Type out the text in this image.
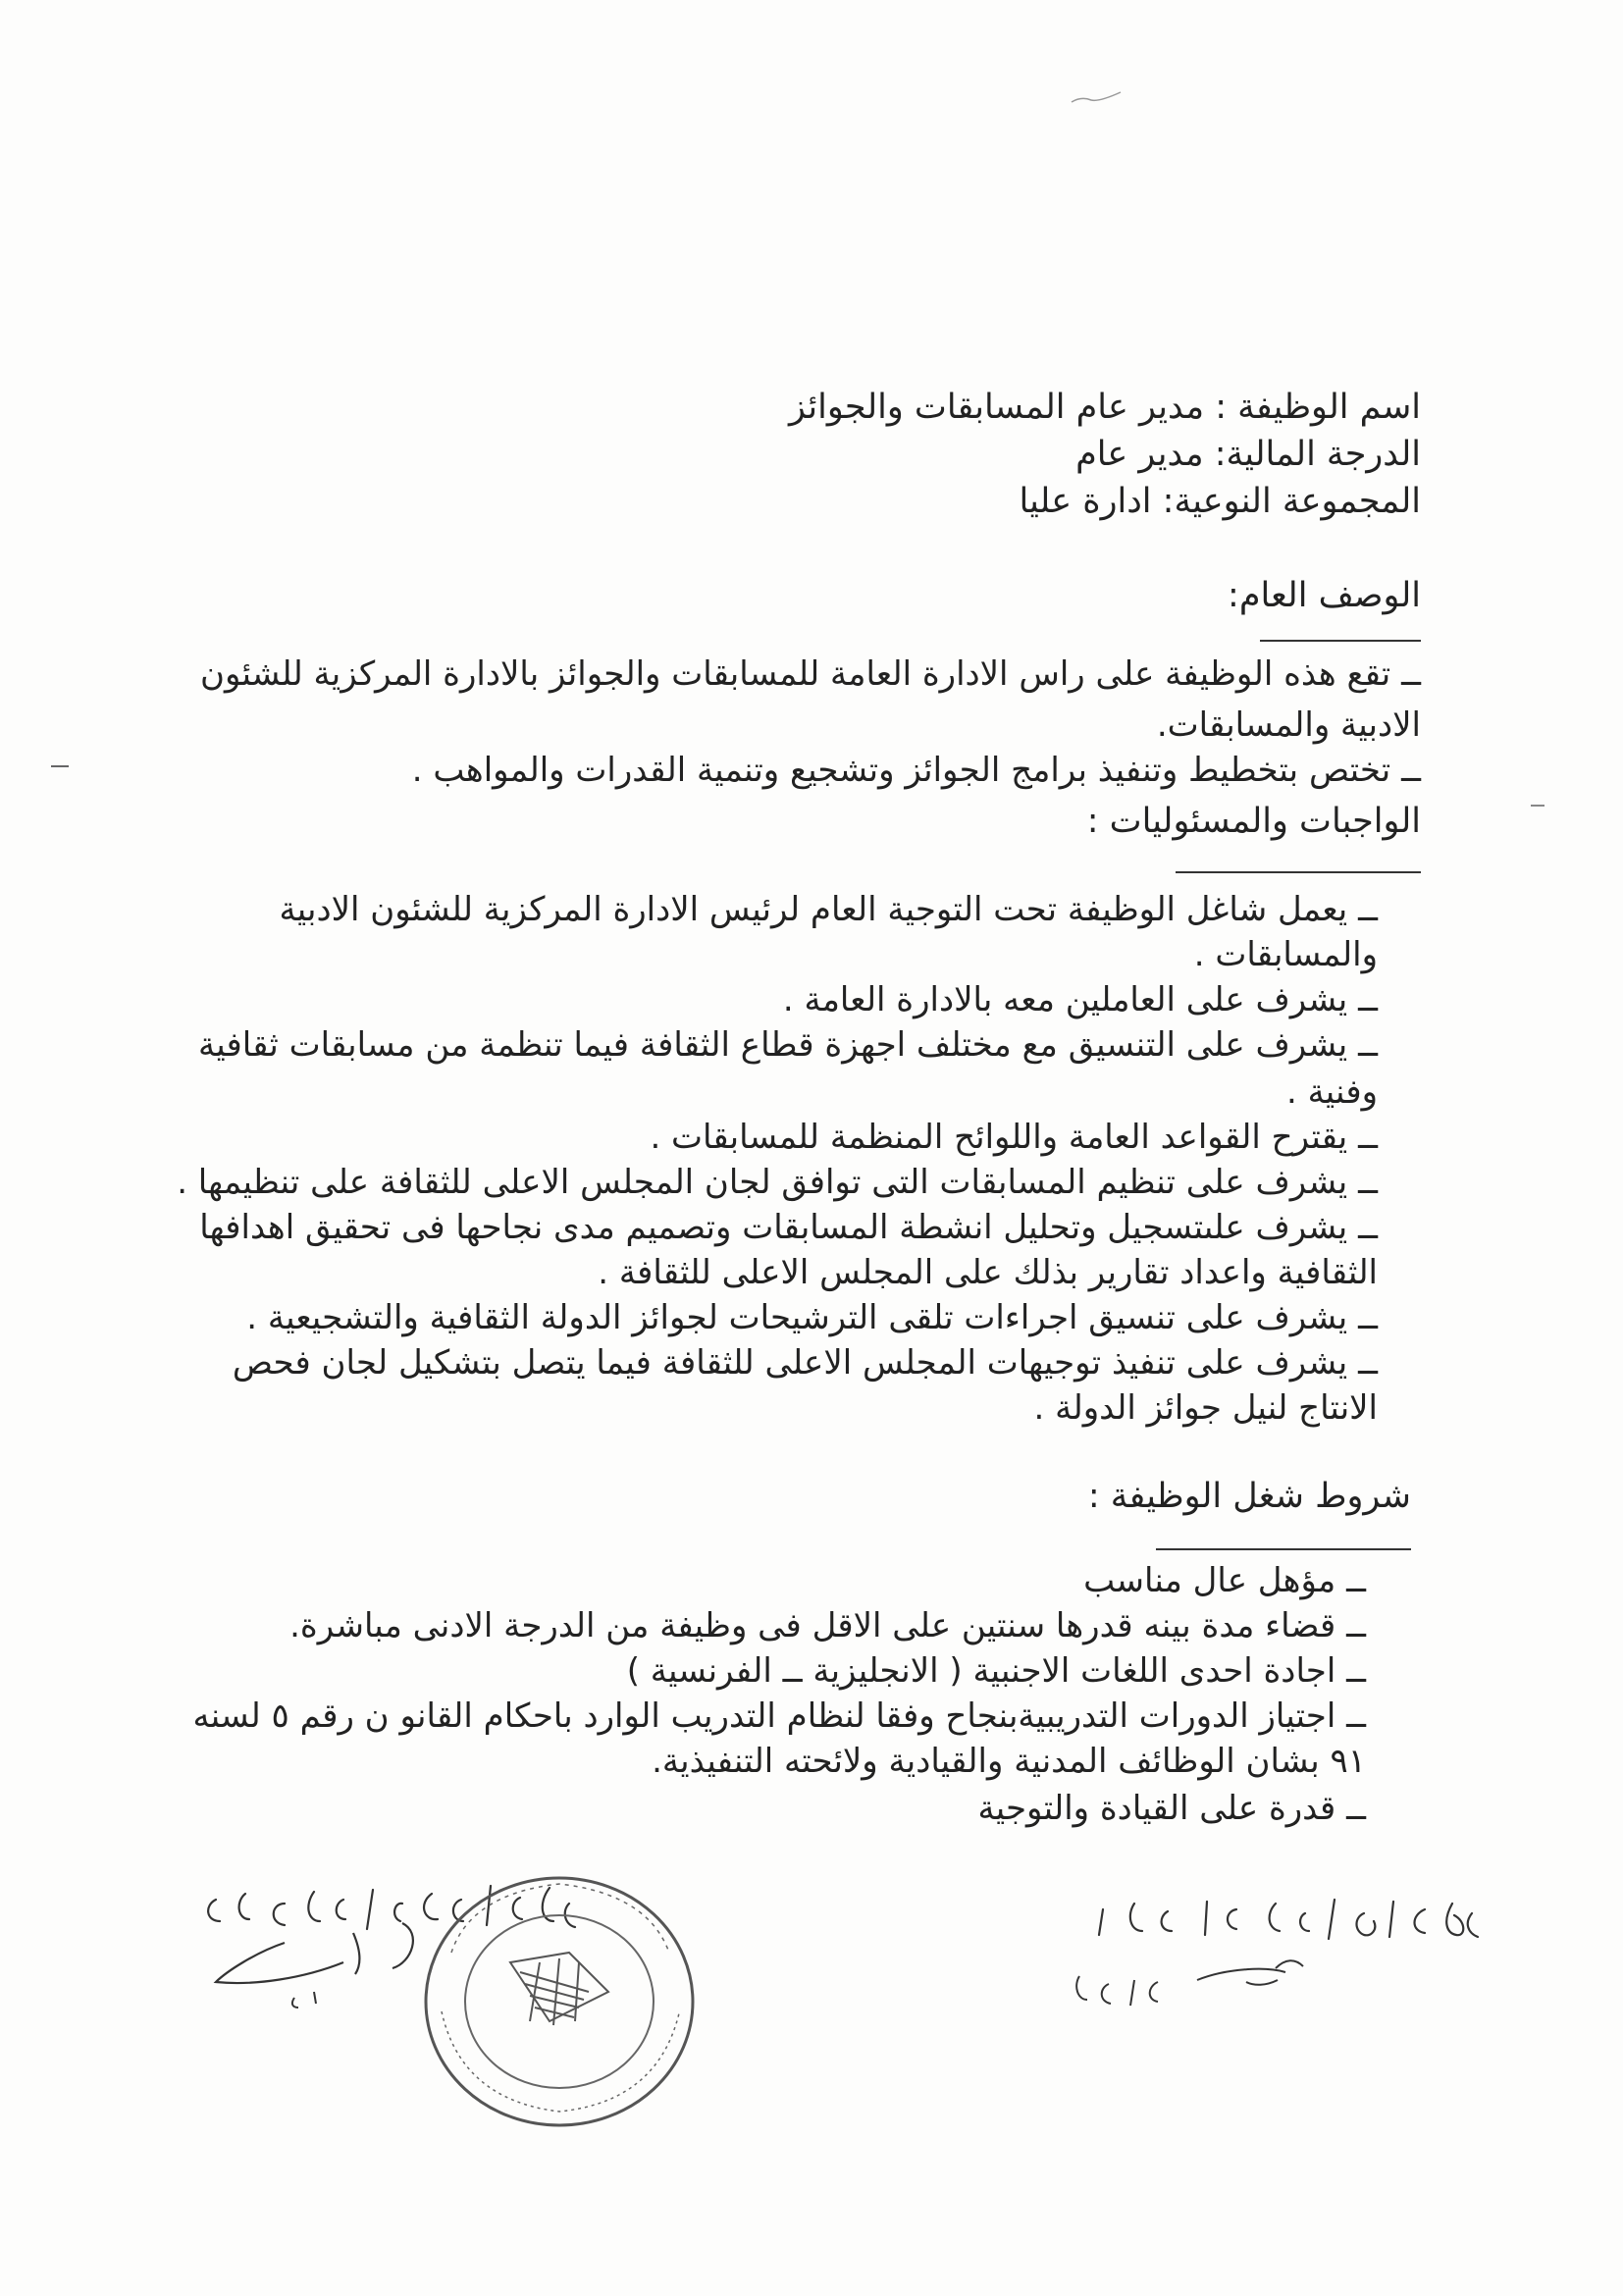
اسم الوظيفة : مدير عام المسابقات والجوائز
الدرجة المالية: مدير عام
المجموعة النوعية: ادارة عليا
الوصف العام:
ــ تقع هذه الوظيفة على راس الادارة العامة للمسابقات والجوائز بالادارة المركزية للشئون
الادبية والمسابقات.
ــ تختص بتخطيط وتنفيذ برامج الجوائز وتشجيع وتنمية القدرات والمواهب .
الواجبات والمسئوليات :
ــ يعمل شاغل الوظيفة تحت التوجية العام لرئيس الادارة المركزية للشئون الادبية
والمسابقات .
ــ يشرف على العاملين معه بالادارة العامة .
ــ يشرف على التنسيق مع مختلف اجهزة قطاع الثقافة فيما تنظمة من مسابقات ثقافية
وفنية .
ــ يقترح القواعد العامة واللوائح المنظمة للمسابقات .
ــ يشرف على تنظيم المسابقات التى توافق لجان المجلس الاعلى للثقافة على تنظيمها .
ــ يشرف علىتسجيل وتحليل انشطة المسابقات وتصميم مدى نجاحها فى تحقيق اهدافها
الثقافية واعداد تقارير بذلك على المجلس الاعلى للثقافة .
ــ يشرف على تنسيق اجراءات تلقى الترشيحات لجوائز الدولة الثقافية والتشجيعية .
ــ يشرف على تنفيذ توجيهات المجلس الاعلى للثقافة فيما يتصل بتشكيل لجان فحص
الانتاج لنيل جوائز الدولة .
شروط شغل الوظيفة :
ــ مؤهل عال مناسب
ــ قضاء مدة بينه قدرها سنتين على الاقل فى وظيفة من الدرجة الادنى مباشرة.
ــ اجادة احدى اللغات الاجنبية ( الانجليزية ــ الفرنسية )
ــ اجتياز الدورات التدريبيةبنجاح وفقا لنظام التدريب الوارد باحكام القانو ن رقم ٥ لسنه
٩١ بشان الوظائف المدنية والقيادية ولائحته التنفيذية.
ــ قدرة على القيادة والتوجية
